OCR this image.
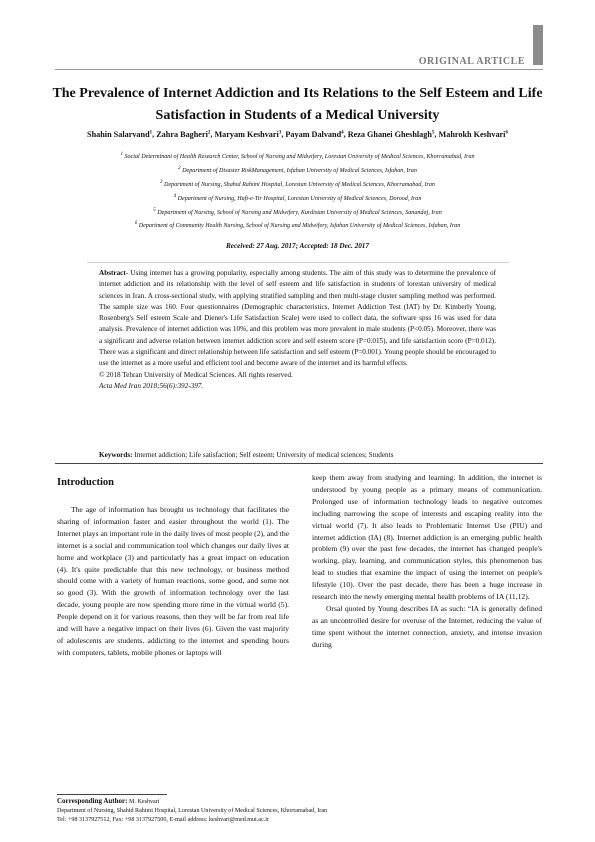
ORIGINAL ARTICLE
The Prevalence of Internet Addiction and Its Relations to the Self Esteem and Life Satisfaction in Students of a Medical University
Shahin Salarvand$^1$, Zahra Bagheri$^2$, Maryam Keshvari$^3$, Payam Dalvand$^4$, Reza Ghanei Gheshlagh$^5$, Mahrokh Keshvari$^6$
$^1$ Social Determinant of Health Research Center, School of Nursing and Midwifery, Lorestan University of Medical Sciences, Khorramabad, Iran
$^2$ Department of Disaster RiskManagement, Isfahan University of Medical Sciences, Isfahan, Iran
$^3$ Department of Nursing, Shahid Rahimi Hospital, Lorestan University of Medical Sciences, Khorramabad, Iran
$^4$ Department of Nursing, Haft-e-Tir Hospital, Lorestan University of Medical Sciences, Dorood, Iran
$^5$ Department of Nursing, School of Nursing and Midwifery, Kurdistan University of Medical Sciences, Sanandaj, Iran
$^6$ Department of Community Health Nursing, School of Nursing and Midwifery, Isfahan University of Medical Sciences, Isfahan, Iran
Received: 27 Aug. 2017; Accepted: 18 Dec. 2017
Abstract- Using internet has a growing popularity, especially among students. The aim of this study was to determine the prevalence of internet addiction and its relationship with the level of self esteem and life satisfaction in students of lorestan university of medical sciences in Iran. A cross-sectional study, with applying stratified sampling and then multi-stage cluster sampling method was performed. The sample size was 160. Four questionnaires (Demographic characteristics, Internet Addiction Test (IAT) by Dr. Kimberly Young, Rosenberg's Self esteem Scale and Diener's Life Satisfaction Scale) were used to collect data, the software spss 16 was used for data analysis. Prevalence of internet addiction was 10%, and this problem was more prevalent in male students (P<0.05). Moreover, there was a significant and adverse relation between internet addiction score and self esteem score (P=0.015), and life satisfaction score (P=0.012). There was a significant and direct relationship between life satisfaction and self esteem (P=0.001). Young people should be encouraged to use the internet as a more useful and efficient tool and become aware of the internet and its harmful effects.
© 2018 Tehran University of Medical Sciences. All rights reserved.
Acta Med Iran 2018;56(6):392-397.
Keywords: Internet addiction; Life satisfaction; Self esteem; University of medical sciences; Students
Introduction

The age of information has brought us technology that facilitates the sharing of information faster and easier throughout the world (1). The Internet plays an important role in the daily lives of most people (2), and the internet is a social and communication tool which changes our daily lives at home and workplace (3) and particularly has a great impact on education (4). It's quite predictable that this new technology, or business method should come with a variety of human reactions, some good, and some not so good (3). With the growth of information technology over the last decade, young people are now spending more time in the virtual world (5). People depend on it for various reasons, then they will be far from real life and will have a negative impact on their lives (6). Given the vast majority of adolescents are students, addicting to the internet and spending hours with computers, tablets, mobile phones or laptops will

keep them away from studying and learning. In addition, the internet is understood by young people as a primary means of communication. Prolonged use of information technology leads to negative outcomes including narrowing the scope of interests and escaping reality into the virtual world (7). It also leads to Problematic Internet Use (PIU) and internet addiction (IA) (8). Internet addiction is an emerging public health problem (9) over the past few decades, the internet has changed people's working, play, learning, and communication styles, this phenomenon has lead to studies that examine the impact of using the internet on people's lifestyle (10). Over the past decade, there has been a huge increase in research into the newly emerging mental health problems of IA (11,12).

Orsal quoted by Young describes IA as such: “IA is generally defined as an uncontrolled desire for overuse of the Internet, reducing the value of time spent without the internet connection, anxiety, and intense invasion during

Corresponding Author: M. Keshvari
Department of Nursing, Shahid Rahimi Hospital, Lorestan University of Medical Sciences, Khorramabad, Iran
Tel: +98 3137927512, Fax: +98 3137927500, E-mail address: keshvari@med.mui.ac.ir
